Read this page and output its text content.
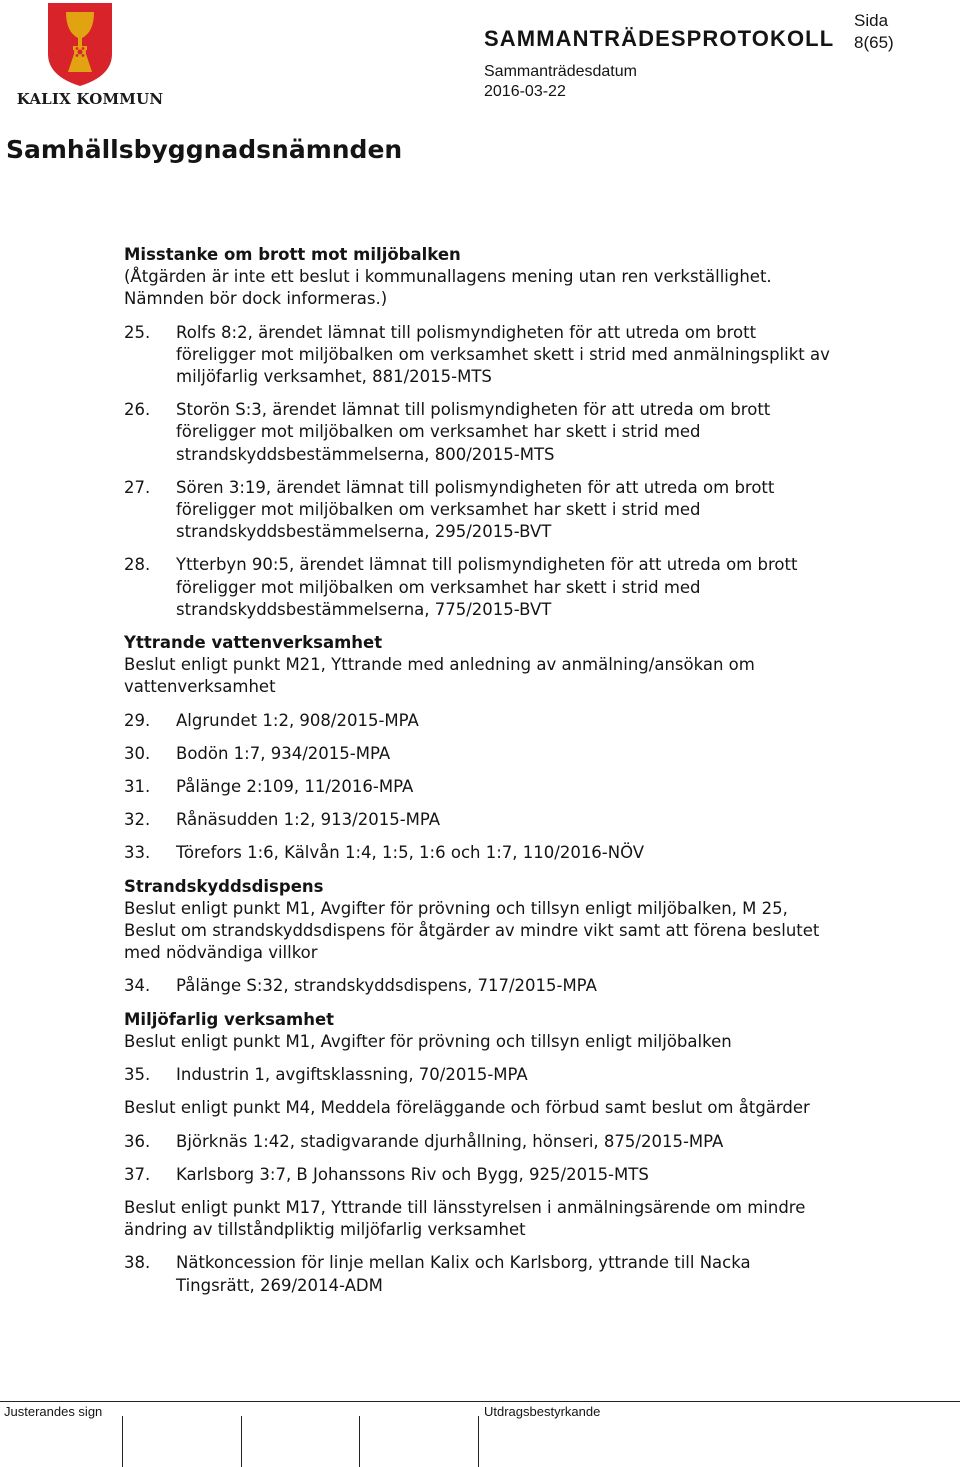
KALIX KOMMUN
SAMMANTRÄDESPROTOKOLL
Sida
8(65)
Sammanträdesdatum
2016-03-22
Samhällsbyggnadsnämnden
Misstanke om brott mot miljöbalken
(Åtgärden är inte ett beslut i kommunallagens mening utan ren verkställighet. Nämnden bör dock informeras.)
25.	Rolfs 8:2, ärendet lämnat till polismyndigheten för att utreda om brott föreligger mot miljöbalken om verksamhet skett i strid med anmälningsplikt av miljöfarlig verksamhet, 881/2015-MTS
26.	Storön S:3, ärendet lämnat till polismyndigheten för att utreda om brott föreligger mot miljöbalken om verksamhet har skett i strid med strandskyddsbestämmelserna, 800/2015-MTS
27.	Sören 3:19, ärendet lämnat till polismyndigheten för att utreda om brott föreligger mot miljöbalken om verksamhet har skett i strid med strandskyddsbestämmelserna, 295/2015-BVT
28.	Ytterbyn 90:5, ärendet lämnat till polismyndigheten för att utreda om brott föreligger mot miljöbalken om verksamhet har skett i strid med strandskyddsbestämmelserna, 775/2015-BVT
Yttrande vattenverksamhet
Beslut enligt punkt M21, Yttrande med anledning av anmälning/ansökan om vattenverksamhet
29.	Algrundet 1:2, 908/2015-MPA
30.	Bodön 1:7, 934/2015-MPA
31.	Pålänge 2:109, 11/2016-MPA
32.	Rånäsudden 1:2, 913/2015-MPA
33.	Törefors 1:6, Kälvån 1:4, 1:5, 1:6 och 1:7, 110/2016-NÖV
Strandskyddsdispens
Beslut enligt punkt M1, Avgifter för prövning och tillsyn enligt miljöbalken, M 25, Beslut om strandskyddsdispens för åtgärder av mindre vikt samt att förena beslutet med nödvändiga villkor
34.	Pålänge S:32, strandskyddsdispens, 717/2015-MPA
Miljöfarlig verksamhet
Beslut enligt punkt M1, Avgifter för prövning och tillsyn enligt miljöbalken
35.	Industrin 1, avgiftsklassning, 70/2015-MPA
Beslut enligt punkt M4, Meddela föreläggande och förbud samt beslut om åtgärder
36.	Björknäs 1:42, stadigvarande djurhållning, hönseri, 875/2015-MPA
37.	Karlsborg 3:7, B Johanssons Riv och Bygg, 925/2015-MTS
Beslut enligt punkt M17, Yttrande till länsstyrelsen i anmälningsärende om mindre ändring av tillståndpliktig miljöfarlig verksamhet
38.	Nätkoncession för linje mellan Kalix och Karlsborg, yttrande till Nacka Tingsrätt, 269/2014-ADM
Justerandes sign	Utdragsbestyrkande
